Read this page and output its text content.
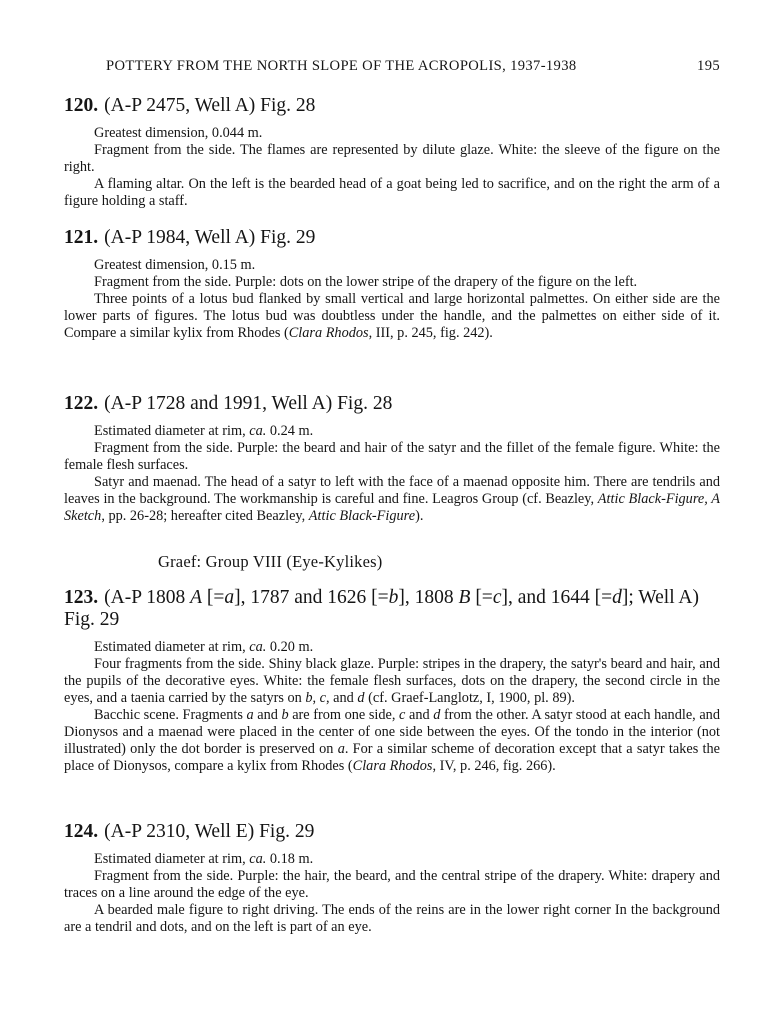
POTTERY FROM THE NORTH SLOPE OF THE ACROPOLIS, 1937-1938	195
120. (A-P 2475, Well A) Fig. 28

Greatest dimension, 0.044 m.

Fragment from the side. The flames are represented by dilute glaze. White: the sleeve of the figure on the right.

A flaming altar. On the left is the bearded head of a goat being led to sacrifice, and on the right the arm of a figure holding a staff.

121. (A-P 1984, Well A) Fig. 29

Greatest dimension, 0.15 m.

Fragment from the side. Purple: dots on the lower stripe of the drapery of the figure on the left.

Three points of a lotus bud flanked by small vertical and large horizontal palmettes. On either side are the lower parts of figures. The lotus bud was doubtless under the handle, and the palmettes on either side of it. Compare a similar kylix from Rhodes (Clara Rhodos, III, p. 245, fig. 242).

122. (A-P 1728 and 1991, Well A) Fig. 28

Estimated diameter at rim, ca. 0.24 m.

Fragment from the side. Purple: the beard and hair of the satyr and the fillet of the female figure. White: the female flesh surfaces.

Satyr and maenad. The head of a satyr to left with the face of a maenad opposite him. There are tendrils and leaves in the background. The workmanship is careful and fine. Leagros Group (cf. Beazley, Attic Black-Figure, A Sketch, pp. 26-28; hereafter cited Beazley, Attic Black-Figure).

Graef: Group VIII (Eye-Kylikes)
123. (A-P 1808 A [=a], 1787 and 1626 [=b], 1808 B [=c], and 1644 [=d]; Well A) Fig. 29

Estimated diameter at rim, ca. 0.20 m.

Four fragments from the side. Shiny black glaze. Purple: stripes in the drapery, the satyr's beard and hair, and the pupils of the decorative eyes. White: the female flesh surfaces, dots on the drapery, the second circle in the eyes, and a taenia carried by the satyrs on b, c, and d (cf. Graef-Langlotz, I, 1900, pl. 89).

Bacchic scene. Fragments a and b are from one side, c and d from the other. A satyr stood at each handle, and Dionysos and a maenad were placed in the center of one side between the eyes. Of the tondo in the interior (not illustrated) only the dot border is preserved on a. For a similar scheme of decoration except that a satyr takes the place of Dionysos, compare a kylix from Rhodes (Clara Rhodos, IV, p. 246, fig. 266).

124. (A-P 2310, Well E) Fig. 29

Estimated diameter at rim, ca. 0.18 m.

Fragment from the side. Purple: the hair, the beard, and the central stripe of the drapery. White: drapery and traces on a line around the edge of the eye.

A bearded male figure to right driving. The ends of the reins are in the lower right corner In the background are a tendril and dots, and on the left is part of an eye.
